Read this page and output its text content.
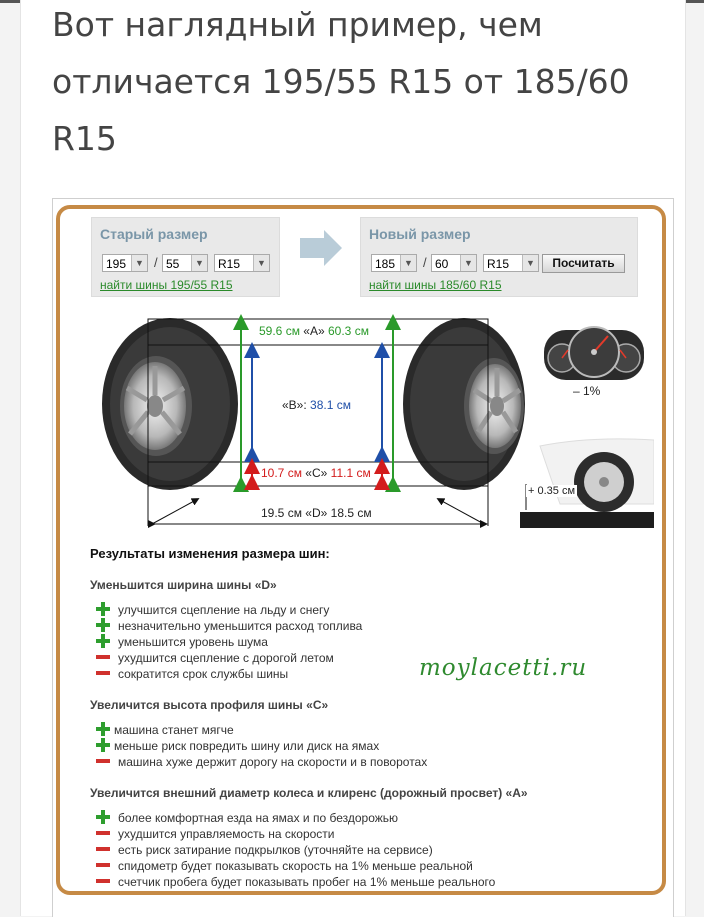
Вот наглядный пример, чем отличается 195/55 R15 от 185/60 R15
Старый размер
195	▼ / 55	▼	R15	▼
найти шины 195/55 R15
Новый размер
185	▼ / 60	▼	R15	▼	Посчитать
найти шины 185/60 R15
59.6 см «A» 60.3 см
«B»: 38.1 см
10.7 см «C» 11.1 см
19.5 см «D» 18.5 см
– 1%
+ 0.35 см

Результаты изменения размера шин:

Уменьшится ширина шины «D»
улучшится сцепление на льду и снегу
незначительно уменьшится расход топлива
уменьшится уровень шума
ухудшится сцепление с дорогой летом
сократится срок службы шины
Увеличится высота профиля шины «C»
машина станет мягче
меньше риск повредить шину или диск на ямах
машина хуже держит дорогу на скорости и в поворотах
Увеличится внешний диаметр колеса и клиренс (дорожный просвет) «A»
более комфортная езда на ямах и по бездорожью
ухудшится управляемость на скорости
есть риск затирание подкрылков (уточняйте на сервисе)
спидометр будет показывать скорость на 1% меньше реальной
счетчик пробега будет показывать пробег на 1% меньше реального
moylacetti.ru
